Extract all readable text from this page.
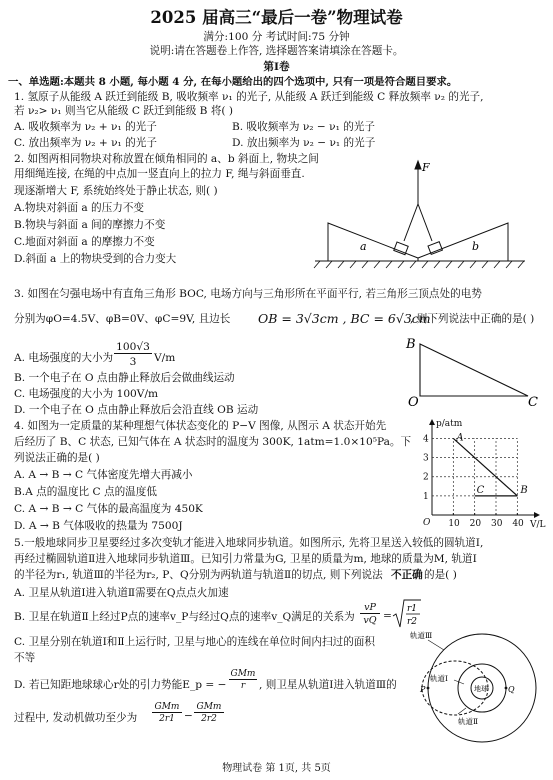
2025 届高三“最后一卷”物理试卷
满分:100 分 考试时间:75 分钟
说明:请在答题卷上作答, 选择题答案请填涂在答题卡。
第Ⅰ卷
一、单选题:本题共 8 小题, 每小题 4 分, 在每小题给出的四个选项中, 只有一项是符合题目要求。
1. 氢原子从能级 A 跃迁到能级 B, 吸收频率 ν₁ 的光子, 从能级 A 跃迁到能级 C 释放频率 ν₂ 的光子,
若 ν₂> ν₁ 则当它从能级 C 跃迁到能级 B 将( )
A. 吸收频率为 ν₂ + ν₁ 的光子	B. 吸收频率为 ν₂ − ν₁ 的光子
C. 放出频率为 ν₂ + ν₁ 的光子	D. 放出频率为 ν₂ − ν₁ 的光子
2. 如图两相同物块对称放置在倾角相同的 a、b 斜面上, 物块之间
用细绳连接, 在绳的中点加一竖直向上的拉力 F, 绳与斜面垂直.
现逐渐增大 F, 系统始终处于静止状态, 则( )
A.物块对斜面 a 的压力不变
B.物块与斜面 a 间的摩擦力不变
C.地面对斜面 a 的摩擦力不变
D.斜面 a 上的物块受到的合力变大
F
a	b
3. 如图在匀强电场中有直角三角形 BOC, 电场方向与三角形所在平面平行, 若三角形三顶点处的电势
分别为φO=4.5V、φB=0V、φC=9V, 且边长 OB = 3√3cm , BC = 6√3cm
, 则下列说法中正确的是( )
A. 电场强度的大小为
100√3
3	V/m
B. 一个电子在 O 点由静止释放后会做曲线运动
C. 电场强度的大小为 100V/m
D. 一个电子在 O 点由静止释放后会沿直线 OB 运动
B
O	C
4. 如图为一定质量的某种理想气体状态变化的 P−V 图像, 从图示 A 状态开始先
后经历了 B、C 状态, 已知气体在 A 状态时的温度为 300K, 1atm=1.0×10⁵Pa。下
列说法正确的是( )
A. A → B → C 气体密度先增大再减小
B.A 点的温度比 C 点的温度低
C. A → B → C 气体的最高温度为 450K
D. A → B 气体吸收的热量为 7500J
p/atm
V/L
O 10 20 30 40
1
2
3
4	A
B
C
5.一般地球同步卫星要经过多次变轨才能进入地球同步轨道。如图所示, 先将卫星送入较低的圆轨道Ⅰ,
再经过椭圆轨道Ⅱ进入地球同步轨道Ⅲ。已知引力常量为G, 卫星的质量为m, 地球的质量为M, 轨道Ⅰ
的半径为r₁, 轨道Ⅲ的半径为r₂, P、Q分别为两轨道与轨道Ⅱ的切点, 则下列说法 不正确 的是( )
A. 卫星从轨道Ⅰ进入轨道Ⅱ需要在Q点点火加速
B. 卫星在轨道Ⅱ上经过P点的速率v_P与经过Q点的速率v_Q满足的关系为
vP
vQ =
r1
r2
C. 卫星分别在轨道Ⅰ和Ⅱ上运行时, 卫星与地心的连线在单位时间内扫过的面积
不等
D. 若已知距地球球心r处的引力势能E_p = −
GMm
r	, 则卫星从轨道Ⅰ进入轨道Ⅲ的
过程中, 发动机做功至少为
GMm
2r1 −
GMm
2r2
轨道Ⅲ
轨道Ⅰ
地球
轨道Ⅱ
P	Q
物理试卷 第 1页, 共 5页
